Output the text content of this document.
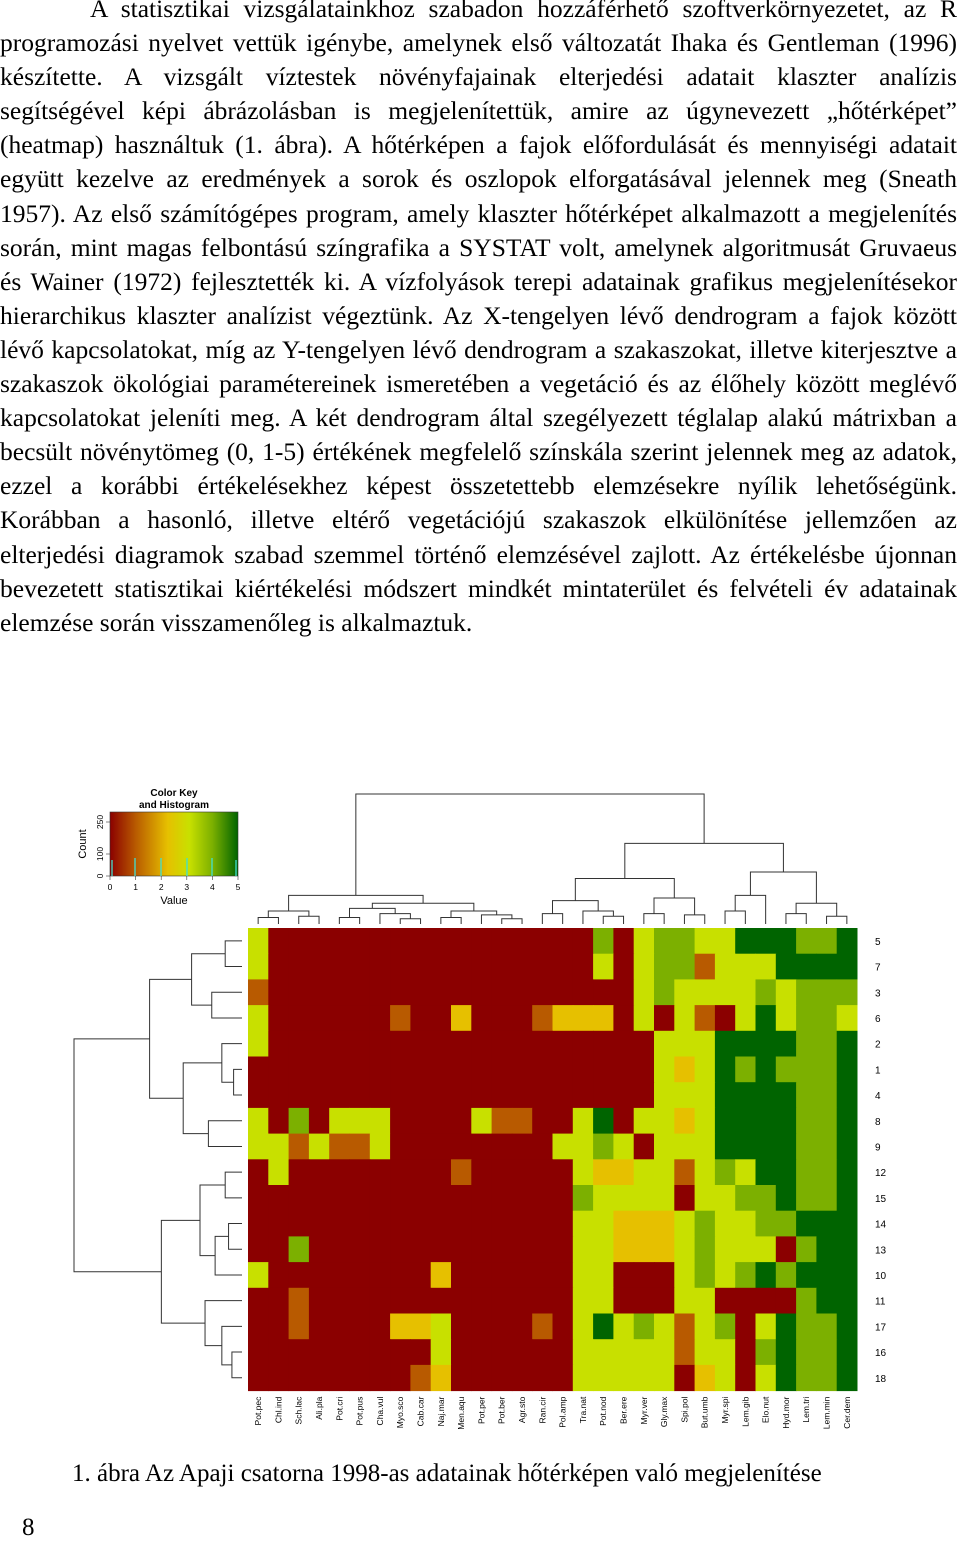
A statisztikai vizsgálatainkhoz szabadon hozzáférhető szoftverkörnyezetet, az R programozási nyelvet vettük igénybe, amelynek első változatát Ihaka és Gentleman (1996) készítette. A vizsgált víztestek növényfajainak elterjedési adatait klaszter analízis segítségével képi ábrázolásban is megjelenítettük, amire az úgynevezett „hőtérképet” (heatmap) használtuk (1. ábra). A hőtérképen a fajok előfordulását és mennyiségi adatait együtt kezelve az eredmények a sorok és oszlopok elforgatásával jelennek meg (Sneath 1957). Az első számítógépes program, amely klaszter hőtérképet alkalmazott a megjelenítés során, mint magas felbontású színgrafika a SYSTAT volt, amelynek algoritmusát Gruvaeus és Wainer (1972) fejlesztették ki. A vízfolyások terepi adatainak grafikus megjelenítésekor hierarchikus klaszter analízist végeztünk. Az X-tengelyen lévő dendrogram a fajok között lévő kapcsolatokat, míg az Y-tengelyen lévő dendrogram a szakaszokat, illetve kiterjesztve a szakaszok ökológiai paramétereinek ismeretében a vegetáció és az élőhely között meglévő kapcsolatokat jeleníti meg. A két dendrogram által szegélyezett téglalap alakú mátrixban a becsült növénytömeg (0, 1-5) értékének megfelelő színskála szerint jelennek meg az adatok, ezzel a korábbi értékelésekhez képest összetettebb elemzésekre nyílik lehetőségünk. Korábban a hasonló, illetve eltérő vegetációjú szakaszok elkülönítése jellemzően az elterjedési diagramok szabad szemmel történő elemzésével zajlott. Az értékelésbe újonnan bevezetett statisztikai kiértékelési módszert mindkét mintaterület és felvételi év adatainak elemzése során visszamenőleg is alkalmaztuk.

Color Key
and Histogram
Count
0
100
250
0 1 2 3 4 5
Value
5
7
3
6
2
1
4
8
9
12
15
14
13
10
11
17
16
18
Pot.pec Chl.ind Sch.lac Ali.pla Pot.cri Pot.pus Cha.vul Myo.sco Cab.car Naj.mar Men.aqu Pot.per Pot.ber Agr.sto Ran.cir Pol.amp Tra.nat Pot.nod Ber.ere Myr.ver Gly.max Spi.pol But.umb Myr.spi Lem.gib Elo.nut Hyd.mor Lem.tri Lem.min Cer.dem
1. ábra Az Apaji csatorna 1998-as adatainak hőtérképen való megjelenítése
8
